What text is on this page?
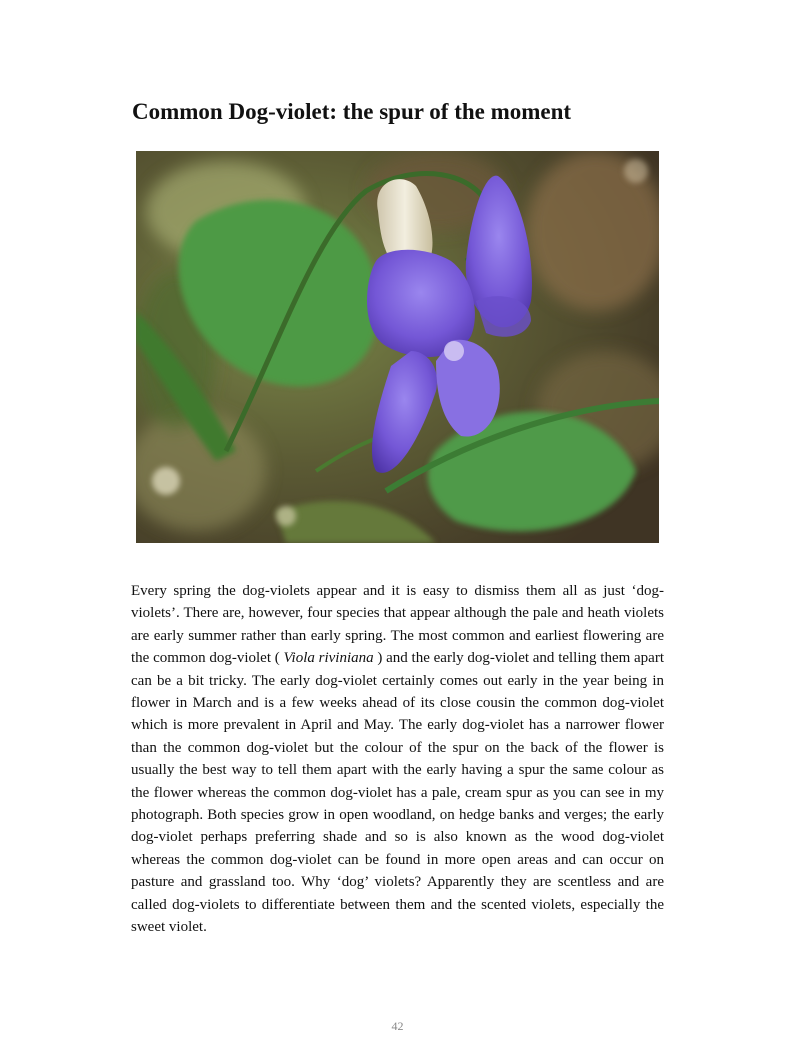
Common Dog-violet: the spur of the moment

Every spring the dog-violets appear and it is easy to dismiss them all as just ‘dog-violets’. There are, however, four species that appear although the pale and heath violets are early summer rather than early spring. The most common and earliest flowering are the common dog-violet ( Viola riviniana ) and the early dog-violet and telling them apart can be a bit tricky. The early dog-violet certainly comes out early in the year being in flower in March and is a few weeks ahead of its close cousin the common dog-violet which is more prevalent in April and May. The early dog-violet has a narrower flower than the common dog-violet but the colour of the spur on the back of the flower is usually the best way to tell them apart with the early having a spur the same colour as the flower whereas the common dog-violet has a pale, cream spur as you can see in my photograph. Both species grow in open woodland, on hedge banks and verges; the early dog-violet perhaps preferring shade and so is also known as the wood dog-violet whereas the common dog-violet can be found in more open areas and can occur on pasture and grassland too. Why ‘dog’ violets? Apparently they are scentless and are called dog-violets to differentiate between them and the scented violets, especially the sweet violet.

42
